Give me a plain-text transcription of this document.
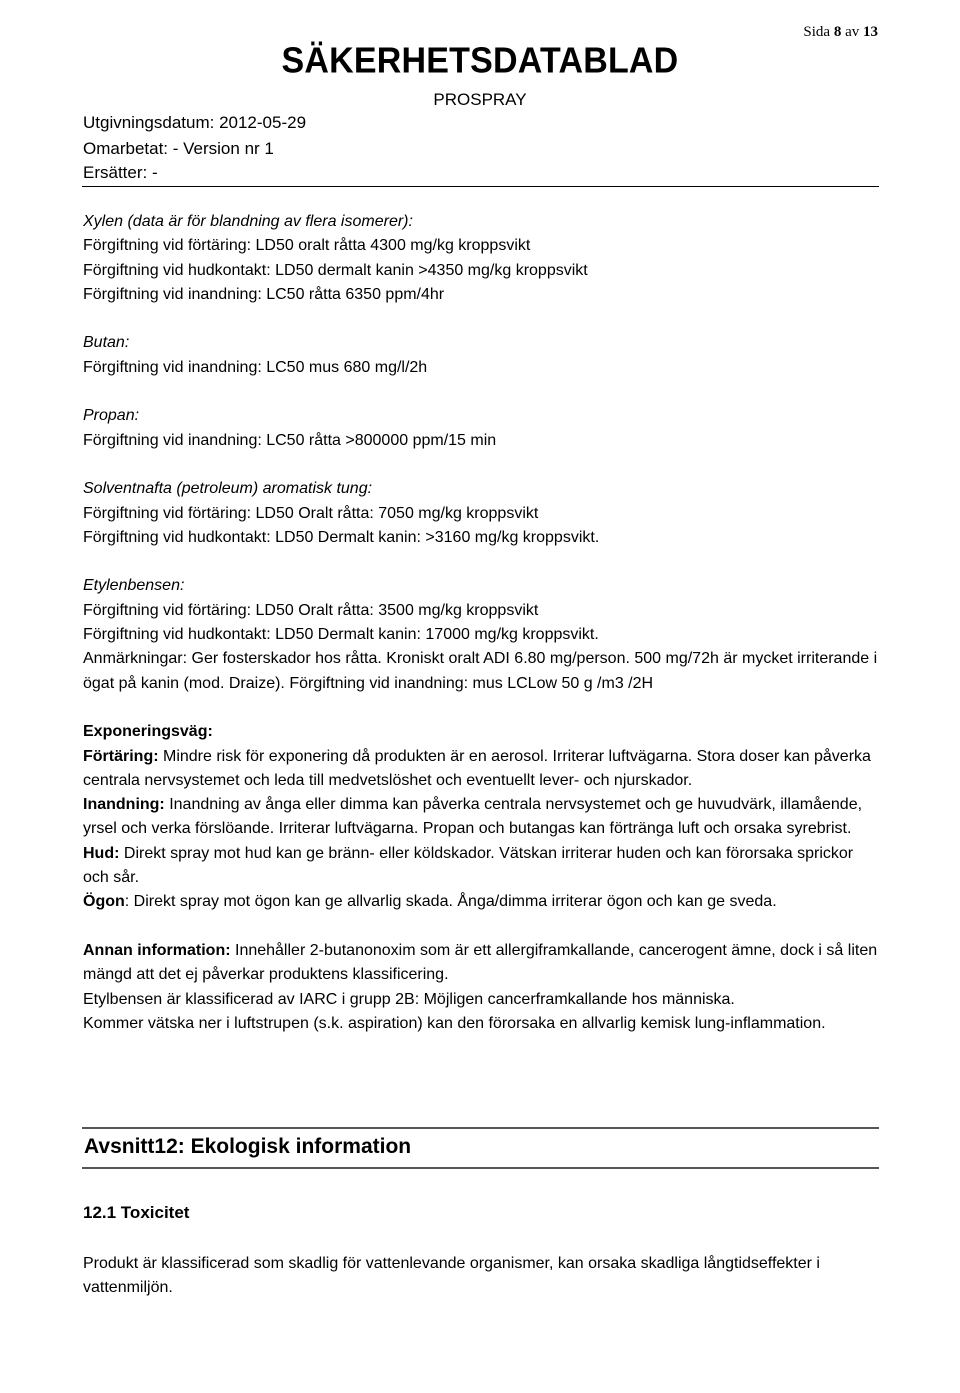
Sida 8 av 13
SÄKERHETSDATABLAD
PROSPRAY
Utgivningsdatum: 2012-05-29
Omarbetat: - Version nr 1
Ersätter: -

Xylen (data är för blandning av flera isomerer):

Förgiftning vid förtäring: LD50 oralt råtta 4300 mg/kg kroppsvikt

Förgiftning vid hudkontakt: LD50 dermalt kanin >4350 mg/kg kroppsvikt

Förgiftning vid inandning: LC50 råtta 6350 ppm/4hr

Butan:

Förgiftning vid inandning: LC50 mus 680 mg/l/2h

Propan:

Förgiftning vid inandning: LC50 råtta >800000 ppm/15 min

Solventnafta (petroleum) aromatisk tung:

Förgiftning vid förtäring: LD50 Oralt råtta: 7050 mg/kg kroppsvikt

Förgiftning vid hudkontakt: LD50 Dermalt kanin: >3160 mg/kg kroppsvikt.

Etylenbensen:

Förgiftning vid förtäring: LD50 Oralt råtta: 3500 mg/kg kroppsvikt

Förgiftning vid hudkontakt: LD50 Dermalt kanin: 17000 mg/kg kroppsvikt.

Anmärkningar: Ger fosterskador hos råtta. Kroniskt oralt ADI 6.80 mg/person. 500 mg/72h är mycket irriterande i ögat på kanin (mod. Draize). Förgiftning vid inandning: mus LCLow 50 g /m3 /2H

Exponeringsväg:

Förtäring: Mindre risk för exponering då produkten är en aerosol. Irriterar luftvägarna. Stora doser kan påverka centrala nervsystemet och leda till medvetslöshet och eventuellt lever- och njurskador.

Inandning: Inandning av ånga eller dimma kan påverka centrala nervsystemet och ge huvudvärk, illamående, yrsel och verka förslöande. Irriterar luftvägarna. Propan och butangas kan förtränga luft och orsaka syrebrist.

Hud: Direkt spray mot hud kan ge bränn- eller köldskador. Vätskan irriterar huden och kan förorsaka sprickor och sår.

Ögon: Direkt spray mot ögon kan ge allvarlig skada. Ånga/dimma irriterar ögon och kan ge sveda.

Annan information: Innehåller 2-butanonoxim som är ett allergiframkallande, cancerogent ämne, dock i så liten mängd att det ej påverkar produktens klassificering.

Etylbensen är klassificerad av IARC i grupp 2B: Möjligen cancerframkallande hos människa.

Kommer vätska ner i luftstrupen (s.k. aspiration) kan den förorsaka en allvarlig kemisk lung-inflammation.

Avsnitt12: Ekologisk information
12.1 Toxicitet
Produkt är klassificerad som skadlig för vattenlevande organismer, kan orsaka skadliga långtidseffekter i vattenmiljön.
